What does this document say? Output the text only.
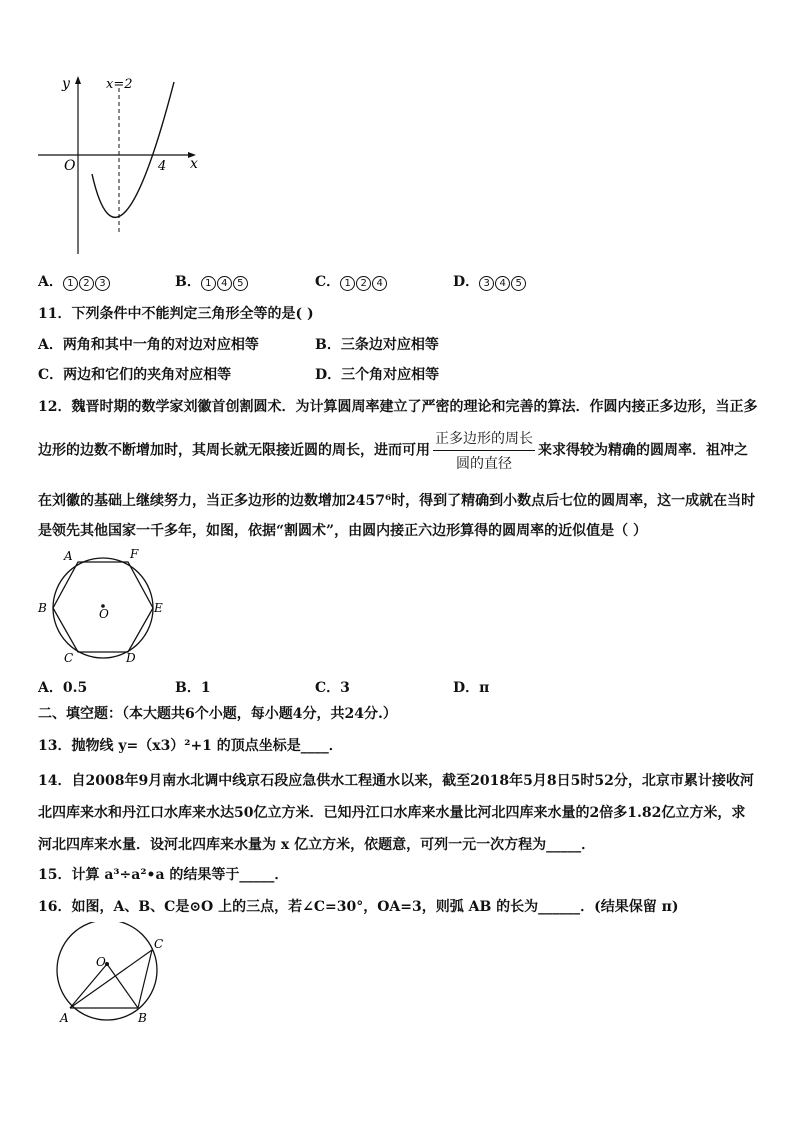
y
x
O
x=2
4
A． 1 2 3	B． 1 4 5	C． 1 2 4	D． 3 4 5
11．下列条件中不能判定三角形全等的是( )
A．两角和其中一角的对边对应相等	B．三条边对应相等
C．两边和它们的夹角对应相等	D．三个角对应相等
12．魏晋时期的数学家刘徽首创割圆术．为计算圆周率建立了严密的理论和完善的算法．作圆内接正多边形，当正多
边形的边数不断增加时，其周长就无限接近圆的周长，进而可用 $\frac{\text{正多边形的周长}}{\text{圆的直径}}$ 来求得较为精确的圆周率．祖冲之
在刘徽的基础上继续努力，当正多边形的边数增加2457⁶时，得到了精确到小数点后七位的圆周率，这一成就在当时
是领先其他国家一千多年，如图，依据“割圆术”，由圆内接正六边形算得的圆周率的近似值是（ ）
A	F
B	E
C	D
O
A．0.5	B．1	C．3	D．π
二、填空题：（本大题共6个小题，每小题4分，共24分.）
13．抛物线 y=（x3）²+1 的顶点坐标是____．
14．自2008年9月南水北调中线京石段应急供水工程通水以来，截至2018年5月8日5时52分，北京市累计接收河
北四库来水和丹江口水库来水达50亿立方米．已知丹江口水库来水量比河北四库来水量的2倍多1.82亿立方米，求
河北四库来水量．设河北四库来水量为 x 亿立方米，依题意，可列一元一次方程为_____．
15．计算 a³÷a²•a 的结果等于_____．
16．如图，A、B、C是⊙O 上的三点，若∠C=30°，OA=3，则弧 AB 的长为______．(结果保留 π)
O
A	B
C
